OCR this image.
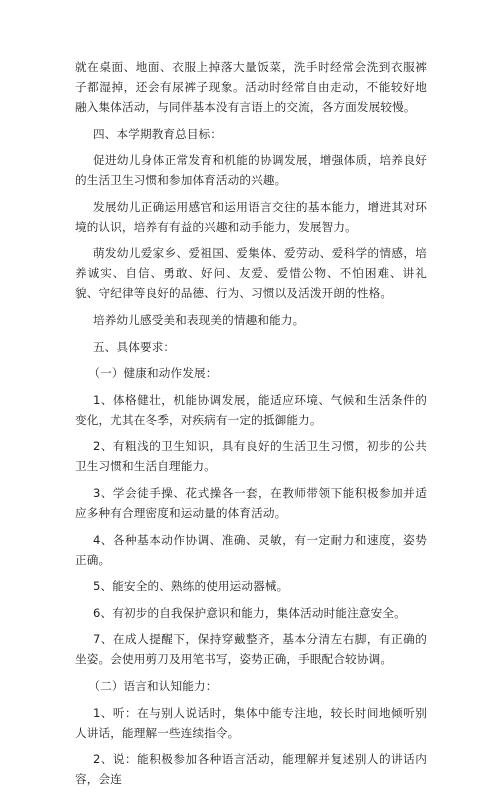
就在桌面、地面、衣服上掉落大量饭菜，洗手时经常会洗到衣服裤子都湿掉，还会有尿裤子现象。活动时经常自由走动，不能较好地融入集体活动，与同伴基本没有言语上的交流，各方面发展较慢。

四、本学期教育总目标：

促进幼儿身体正常发育和机能的协调发展，增强体质，培养良好的生活卫生习惯和参加体育活动的兴趣。

发展幼儿正确运用感官和运用语言交往的基本能力，增进其对环境的认识，培养有有益的兴趣和动手能力，发展智力。

萌发幼儿爱家乡、爱祖国、爱集体、爱劳动、爱科学的情感，培养诚实、自信、勇敢、好问、友爱、爱惜公物、不怕困难、讲礼貌、守纪律等良好的品德、行为、习惯以及活泼开朗的性格。

培养幼儿感受美和表现美的情趣和能力。

五、具体要求：

（一）健康和动作发展：

1、体格健壮，机能协调发展，能适应环境、气候和生活条件的变化，尤其在冬季，对疾病有一定的抵御能力。

2、有粗浅的卫生知识，具有良好的生活卫生习惯，初步的公共卫生习惯和生活自理能力。

3、学会徒手操、花式操各一套，在教师带领下能积极参加并适应多种有合理密度和运动量的体育活动。

4、各种基本动作协调、准确、灵敏，有一定耐力和速度，姿势正确。

5、能安全的、熟练的使用运动器械。

6、有初步的自我保护意识和能力，集体活动时能注意安全。

7、在成人提醒下，保持穿戴整齐，基本分清左右脚，有正确的坐姿。会使用剪刀及用笔书写，姿势正确，手眼配合较协调。

（二）语言和认知能力：

1、听：在与别人说话时，集体中能专注地，较长时间地倾听别人讲话，能理解一些连续指令。

2、说：能积极参加各种语言活动，能理解并复述别人的讲话内容，会连
